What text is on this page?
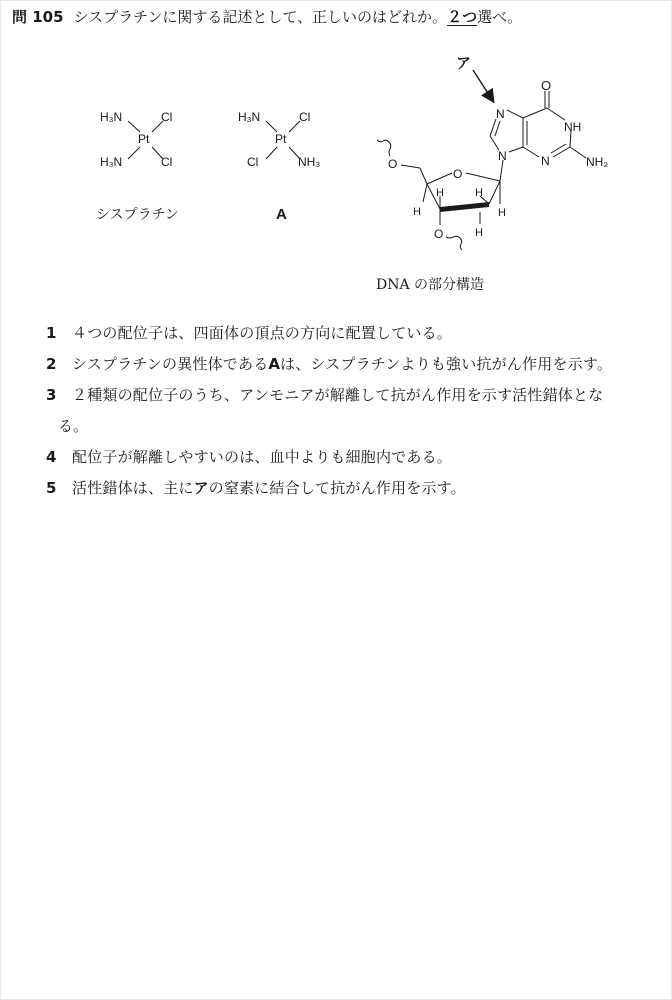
問 105 シスプラチンに関する記述として、正しいのはどれか。２つ選べ。
H₃N	Cl
Pt
H₃N	Cl
シスプラチン
H₃N	Cl
Pt
Cl	NH₃
A
ア
O
N
NH
N	N	NH₂
O
O
O
H	H
H	H
H
DNA の部分構造
1 ４つの配位子は、四面体の頂点の方向に配置している。
2 シスプラチンの異性体であるAは、シスプラチンよりも強い抗がん作用を示す。
3 ２種類の配位子のうち、アンモニアが解離して抗がん作用を示す活性錯体とな
る。
4 配位子が解離しやすいのは、血中よりも細胞内である。
5 活性錯体は、主にアの窒素に結合して抗がん作用を示す。
